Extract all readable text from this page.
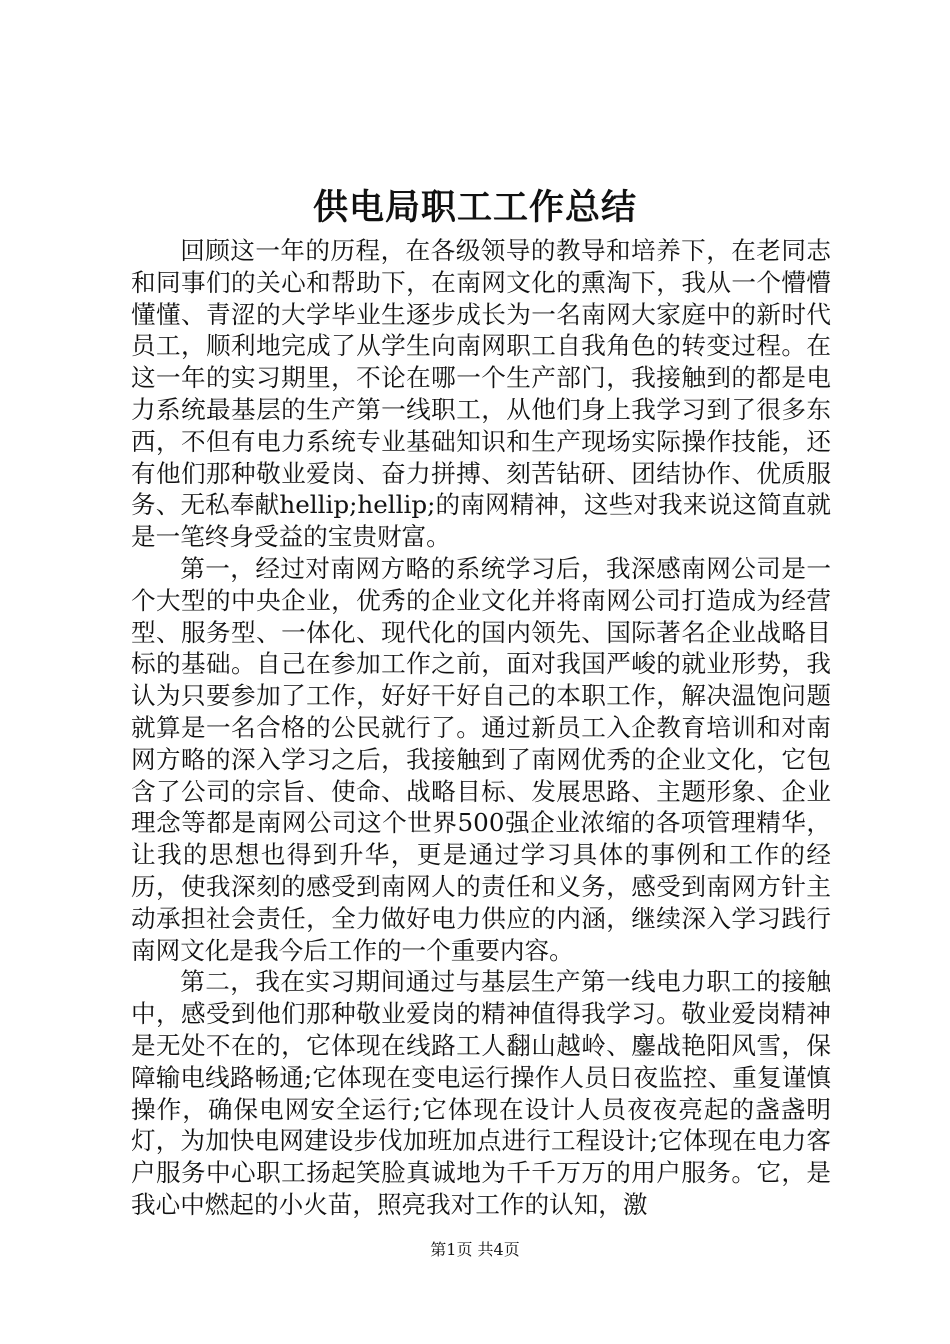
供电局职工工作总结

回顾这一年的历程，在各级领导的教导和培养下，在老同志和同事们的关心和帮助下，在南网文化的熏淘下，我从一个懵懵懂懂、青涩的大学毕业生逐步成长为一名南网大家庭中的新时代员工，顺利地完成了从学生向南网职工自我角色的转变过程。在这一年的实习期里，不论在哪一个生产部门，我接触到的都是电力系统最基层的生产第一线职工，从他们身上我学习到了很多东西，不但有电力系统专业基础知识和生产现场实际操作技能，还有他们那种敬业爱岗、奋力拼搏、刻苦钻研、团结协作、优质服务、无私奉献hellip;hellip;的南网精神，这些对我来说这简直就是一笔终身受益的宝贵财富。

第一，经过对南网方略的系统学习后，我深感南网公司是一个大型的中央企业，优秀的企业文化并将南网公司打造成为经营型、服务型、一体化、现代化的国内领先、国际著名企业战略目标的基础。自己在参加工作之前，面对我国严峻的就业形势，我认为只要参加了工作，好好干好自己的本职工作，解决温饱问题就算是一名合格的公民就行了。通过新员工入企教育培训和对南网方略的深入学习之后，我接触到了南网优秀的企业文化，它包含了公司的宗旨、使命、战略目标、发展思路、主题形象、企业理念等都是南网公司这个世界500强企业浓缩的各项管理精华，让我的思想也得到升华，更是通过学习具体的事例和工作的经历，使我深刻的感受到南网人的责任和义务，感受到南网方针主动承担社会责任，全力做好电力供应的内涵，继续深入学习践行南网文化是我今后工作的一个重要内容。

第二，我在实习期间通过与基层生产第一线电力职工的接触中，感受到他们那种敬业爱岗的精神值得我学习。敬业爱岗精神是无处不在的，它体现在线路工人翻山越岭、鏖战艳阳风雪，保障输电线路畅通;它体现在变电运行操作人员日夜监控、重复谨慎操作，确保电网安全运行;它体现在设计人员夜夜亮起的盏盏明灯，为加快电网建设步伐加班加点进行工程设计;它体现在电力客户服务中心职工扬起笑脸真诚地为千千万万的用户服务。它，是我心中燃起的小火苗，照亮我对工作的认知，激

第1页 共4页
